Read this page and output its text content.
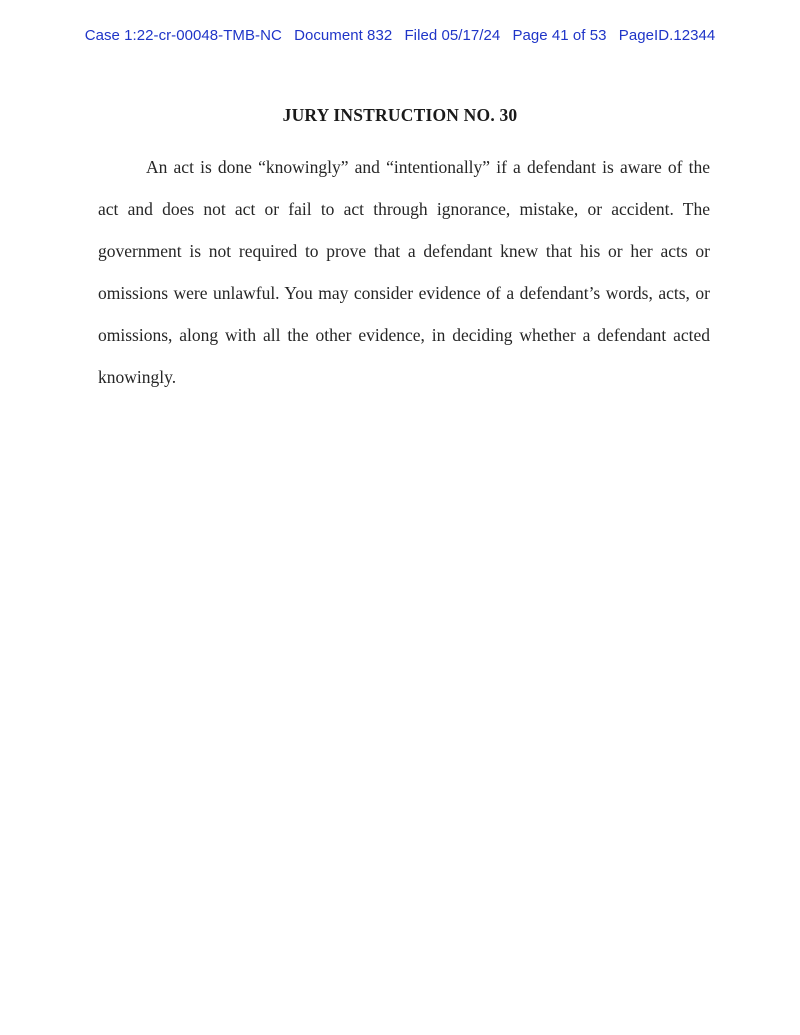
Case 1:22-cr-00048-TMB-NC Document 832 Filed 05/17/24 Page 41 of 53 PageID.12344
JURY INSTRUCTION NO. 30

An act is done “knowingly” and “intentionally” if a defendant is aware of the act and does not act or fail to act through ignorance, mistake, or accident. The government is not required to prove that a defendant knew that his or her acts or omissions were unlawful. You may consider evidence of a defendant’s words, acts, or omissions, along with all the other evidence, in deciding whether a defendant acted knowingly.
